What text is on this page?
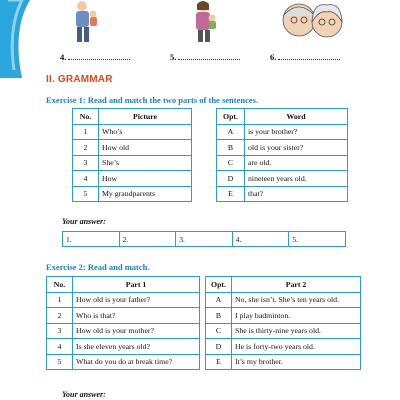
4.	5.	6.
II. GRAMMAR
Exercise 1: Read and match the two parts of the sentences.
No.	Picture
1	Who’s
2	How old
3	She’s
4	How
5	My grandparents
Opt.	Word
A	is your brother?
B	old is your sister?
C	are old.
D	nineteen years old.
E	that?
Your answer:
1.	2.	3.	4.	5.
Exercise 2: Read and match.
No.	Part 1
1	How old is your father?
2	Who is that?
3	How old is your mother?
4	Is she eleven years old?
5	What do you do at break time?
Opt.	Part 2
A	No, she isn’t. She’s ten years old.
B	I play badminton.
C	She is thirty-nine years old.
D	He is forty-two years old.
E	It’s my brother.
Your answer:
